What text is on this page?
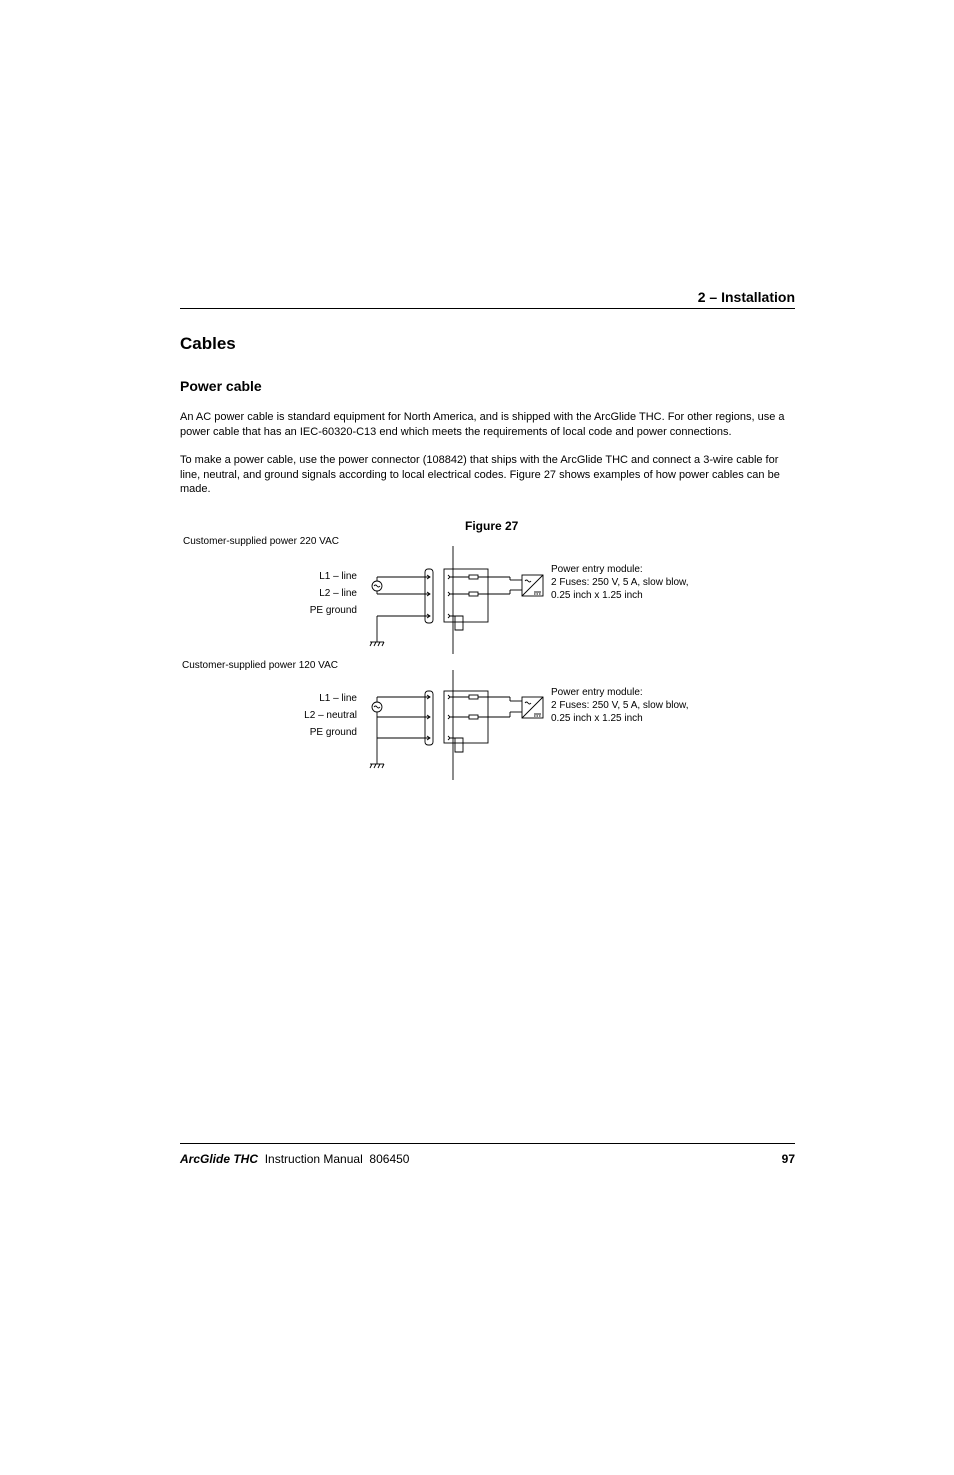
2 – Installation
Cables
Power cable
An AC power cable is standard equipment for North America, and is shipped with the ArcGlide THC. For other regions, use a power cable that has an IEC-60320-C13 end which meets the requirements of local code and power connections.
To make a power cable, use the power connector (108842) that ships with the ArcGlide THC and connect a 3-wire cable for line, neutral, and ground signals according to local electrical codes. Figure 27 shows examples of how power cables can be made.
Figure 27
Customer-supplied power 220 VAC
L1 – line
L2 – line
PE ground
Power entry module:
2 Fuses: 250 V, 5 A, slow blow,
0.25 inch x 1.25 inch
Customer-supplied power 120 VAC
L1 – line
L2 – neutral
PE ground
Power entry module:
2 Fuses: 250 V, 5 A, slow blow,
0.25 inch x 1.25 inch
ArcGlide THC Instruction Manual 806450	97
